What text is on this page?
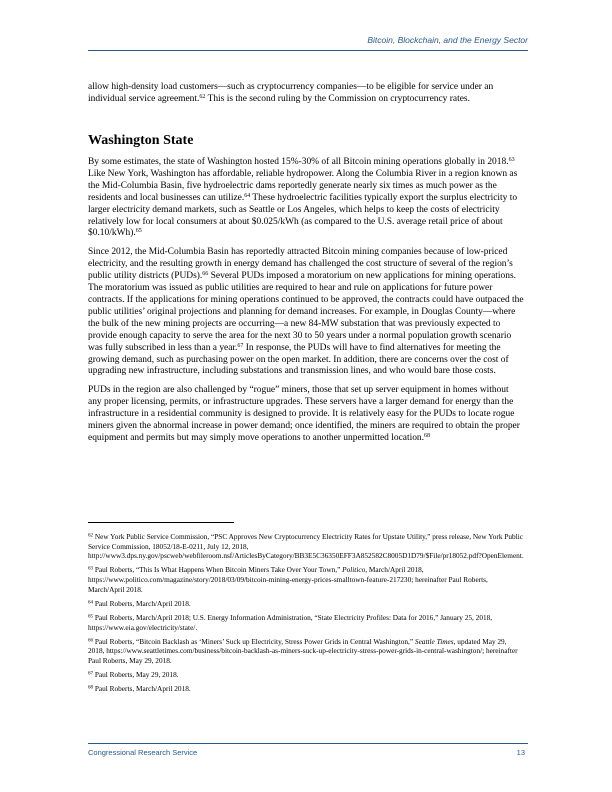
Bitcoin, Blockchain, and the Energy Sector

allow high-density load customers—such as cryptocurrency companies—to be eligible for service under an individual service agreement.$^{62}$ This is the second ruling by the Commission on cryptocurrency rates.

Washington State

By some estimates, the state of Washington hosted 15%-30% of all Bitcoin mining operations globally in 2018.63 Like New York, Washington has affordable, reliable hydropower. Along the Columbia River in a region known as the Mid-Columbia Basin, five hydroelectric dams reportedly generate nearly six times as much power as the residents and local businesses can utilize.$^{64}$ These hydroelectric facilities typically export the surplus electricity to larger electricity demand markets, such as Seattle or Los Angeles, which helps to keep the costs of electricity relatively low for local consumers at about $0.025/kWh (as compared to the U.S. average retail price of about $0.10/kWh).$^{65}$

Since 2012, the Mid-Columbia Basin has reportedly attracted Bitcoin mining companies because of low-priced electricity, and the resulting growth in energy demand has challenged the cost structure of several of the region’s public utility districts (PUDs).$^{66}$ Several PUDs imposed a moratorium on new applications for mining operations. The moratorium was issued as public utilities are required to hear and rule on applications for future power contracts. If the applications for mining operations continued to be approved, the contracts could have outpaced the public utilities’ original projections and planning for demand increases. For example, in Douglas County—where the bulk of the new mining projects are occurring—a new 84-MW substation that was previously expected to provide enough capacity to serve the area for the next 30 to 50 years under a normal population growth scenario was fully subscribed in less than a year.$^{67}$ In response, the PUDs will have to find alternatives for meeting the growing demand, such as purchasing power on the open market. In addition, there are concerns over the cost of upgrading new infrastructure, including substations and transmission lines, and who would bare those costs.

PUDs in the region are also challenged by “rogue” miners, those that set up server equipment in homes without any proper licensing, permits, or infrastructure upgrades. These servers have a larger demand for energy than the infrastructure in a residential community is designed to provide. It is relatively easy for the PUDs to locate rogue miners given the abnormal increase in power demand; once identified, the miners are required to obtain the proper equipment and permits but may simply move operations to another unpermitted location.$^{68}$

$^{62}$ New York Public Service Commission, “PSC Approves New Cryptocurrency Electricity Rates for Upstate Utility,” press release, New York Public Service Commission, 18052/18-E-0211, July 12, 2018, http://www3.dps.ny.gov/pscweb/webfileroom.nsf/ArticlesByCategory/BB3E5C36350EFF3A852582C8005D1D79/$File/pr18052.pdf?OpenElement.
$^{63}$ Paul Roberts, “This Is What Happens When Bitcoin Miners Take Over Your Town,” Politico, March/April 2018, https://www.politico.com/magazine/story/2018/03/09/bitcoin-mining-energy-prices-smalltown-feature-217230; hereinafter Paul Roberts, March/April 2018.
$^{64}$ Paul Roberts, March/April 2018.
$^{65}$ Paul Roberts, March/April 2018; U.S. Energy Information Administration, “State Electricity Profiles: Data for 2016,” January 25, 2018, https://www.eia.gov/electricity/state/.
$^{66}$ Paul Roberts, “Bitcoin Backlash as ‘Miners’ Suck up Electricity, Stress Power Grids in Central Washington,” Seattle Times, updated May 29, 2018, https://www.seattletimes.com/business/bitcoin-backlash-as-miners-suck-up-electricity-stress-power-grids-in-central-washington/; hereinafter Paul Roberts, May 29, 2018.
$^{67}$ Paul Roberts, May 29, 2018.
$^{68}$ Paul Roberts, March/April 2018.
Congressional Research Service	13
